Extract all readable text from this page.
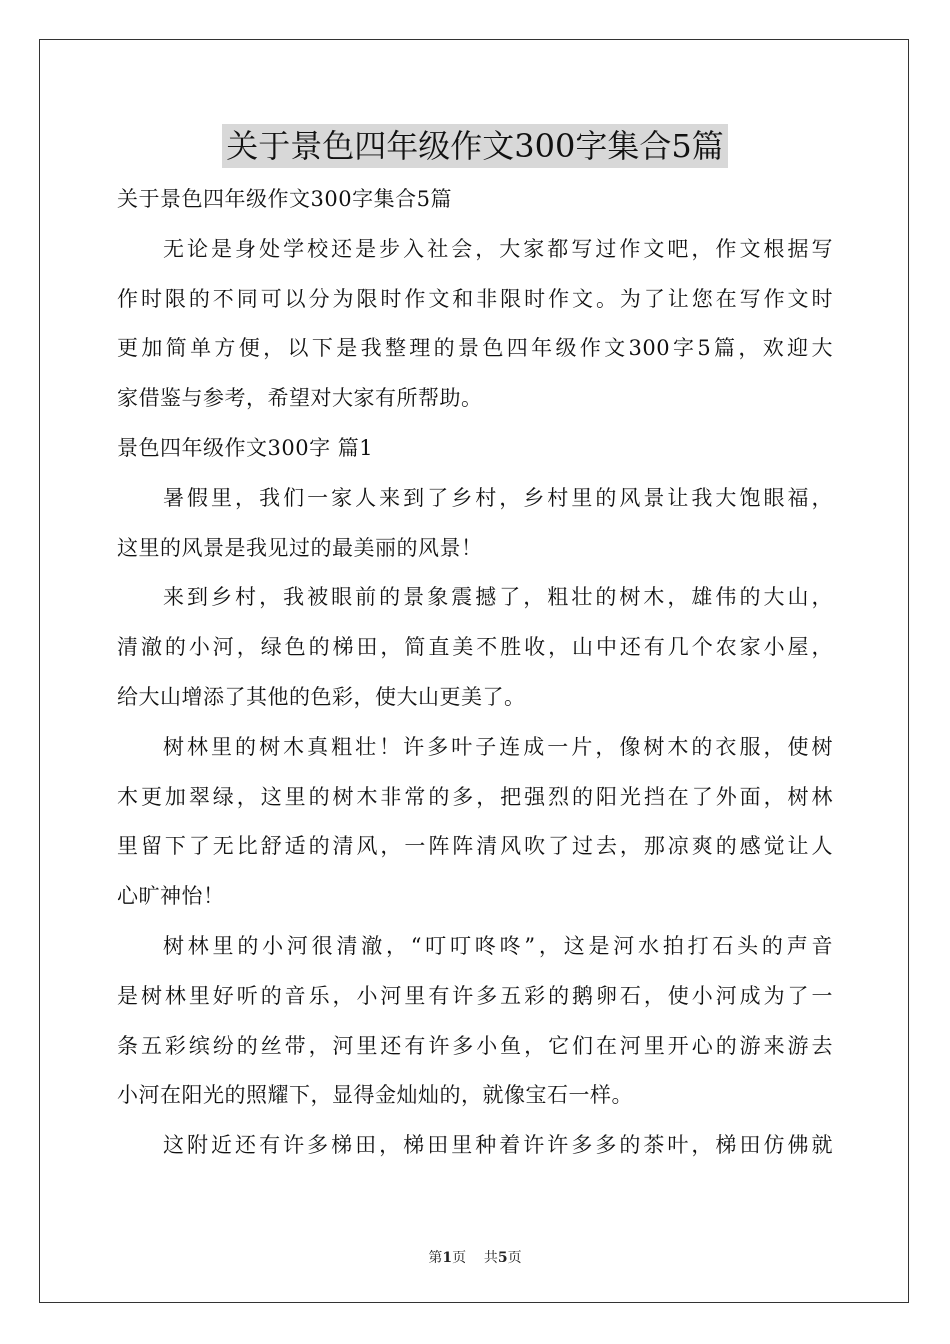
关于景色四年级作文300字集合5篇
关于景色四年级作文300字集合5篇
无论是身处学校还是步入社会，大家都写过作文吧，作文根据写
作时限的不同可以分为限时作文和非限时作文。为了让您在写作文时
更加简单方便，以下是我整理的景色四年级作文300字5篇，欢迎大
家借鉴与参考，希望对大家有所帮助。
景色四年级作文300字 篇1
暑假里，我们一家人来到了乡村，乡村里的风景让我大饱眼福，
这里的风景是我见过的最美丽的风景！
来到乡村，我被眼前的景象震撼了，粗壮的树木，雄伟的大山，
清澈的小河，绿色的梯田，简直美不胜收，山中还有几个农家小屋，
给大山增添了其他的色彩，使大山更美了。
树林里的树木真粗壮！许多叶子连成一片，像树木的衣服，使树
木更加翠绿，这里的树木非常的多，把强烈的阳光挡在了外面，树林
里留下了无比舒适的清风，一阵阵清风吹了过去，那凉爽的感觉让人
心旷神怡！
树林里的小河很清澈，“叮叮咚咚”，这是河水拍打石头的声音
是树林里好听的音乐，小河里有许多五彩的鹅卵石，使小河成为了一
条五彩缤纷的丝带，河里还有许多小鱼，它们在河里开心的游来游去
小河在阳光的照耀下，显得金灿灿的，就像宝石一样。
这附近还有许多梯田，梯田里种着许许多多的茶叶，梯田仿佛就
第1页 共5页
